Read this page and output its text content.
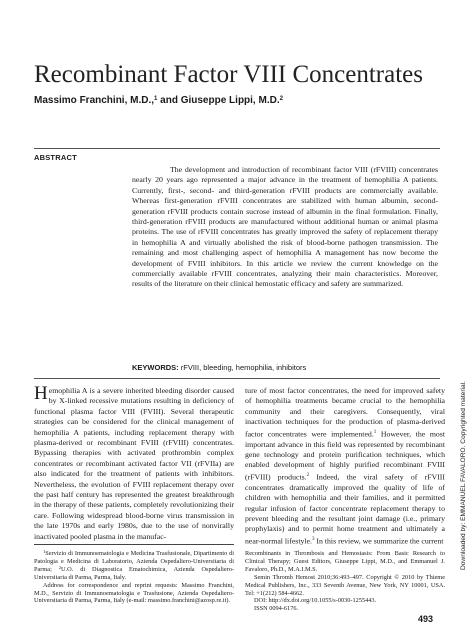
Recombinant Factor VIII Concentrates
Massimo Franchini, M.D.,$^1$ and Giuseppe Lippi, M.D.$^2$
ABSTRACT

The development and introduction of recombinant factor VIII (rFVIII) concentrates nearly 20 years ago represented a major advance in the treatment of hemophilia A patients. Currently, first-, second- and third-generation rFVIII products are commercially available. Whereas first-generation rFVIII concentrates are stabilized with human albumin, second-generation rFVIII products contain sucrose instead of albumin in the final formulation. Finally, third-generation rFVIII products are manufactured without additional human or animal plasma proteins. The use of rFVIII concentrates has greatly improved the safety of replacement therapy in hemophilia A and virtually abolished the risk of blood-borne pathogen transmission. The remaining and most challenging aspect of hemophilia A management has now become the development of FVIII inhibitors. In this article we review the current knowledge on the commercially available rFVIII concentrates, analyzing their main characteristics. Moreover, results of the literature on their clinical hemostatic efficacy and safety are summarized.

KEYWORDS: rFVIII, bleeding, hemophilia, inhibitors

Hemophilia A is a severe inherited bleeding disorder caused by X-linked recessive mutations resulting in deficiency of functional plasma factor VIII (FVIII). Several therapeutic strategies can be considered for the clinical management of hemophilia A patients, including replacement therapy with plasma-derived or recombinant FVIII (rFVIII) concentrates. Bypassing therapies with activated prothrombin complex concentrates or recombinant activated factor VII (rFVIIa) are also indicated for the treatment of patients with inhibitors. Nevertheless, the evolution of FVIII replacement therapy over the past half century has represented the greatest breakthrough in the therapy of these patients, completely revolutionizing their care. Following widespread blood-borne virus transmission in the late 1970s and early 1980s, due to the use of nonvirally inactivated pooled plasma in the manufac-

ture of most factor concentrates, the need for improved safety of hemophilia treatments became crucial to the hemophilia community and their caregivers. Consequently, viral inactivation techniques for the production of plasma-derived factor concentrates were implemented.$^1$ However, the most important advance in this field was represented by recombinant gene technology and protein purification techniques, which enabled development of highly purified recombinant FVIII (rFVIII) products.$^2$ Indeed, the viral safety of rFVIII concentrates dramatically improved the quality of life of children with hemophilia and their families, and it permitted regular infusion of factor concentrate replacement therapy to prevent bleeding and the resultant joint damage (i.e., primary prophylaxis) and to permit home treatment and ultimately a near-normal lifestyle.$^3$ In this review, we summarize the current

$^1$Servizio di Immunoematologia e Medicina Trasfusionale, Dipartimento di Patologia e Medicina di Laboratorio, Azienda Ospedaliero-Universitaria di Parma; $^2$U.O. di Diagnostica Ematochimica, Azienda Ospedaliero-Universitaria di Parma, Parma, Italy.

Address for correspondence and reprint requests: Massimo Franchini, M.D., Servizio di Immunoematologia e Trasfusione, Azienda Ospedaliero-Universitaria di Parma, Parma, Italy (e-mail: massimo.franchini@azosp.re.it).

Recombinants in Thrombosis and Hemostasis: From Basic Research to Clinical Therapy; Guest Editors, Giuseppe Lippi, M.D., and Emmanuel J. Favaloro, Ph.D., M.A.I.M.S.

Semin Thromb Hemost 2010;36:493–497. Copyright © 2010 by Thieme Medical Publishers, Inc., 333 Seventh Avenue, New York, NY 10001, USA. Tel: +1(212) 584-4662.

DOI: http://dx.doi.org/10.1055/s-0030-1255443.

ISSN 0094-6176.

493
Downloaded by: EMMANUEL FAVALORO. Copyrighted material.
